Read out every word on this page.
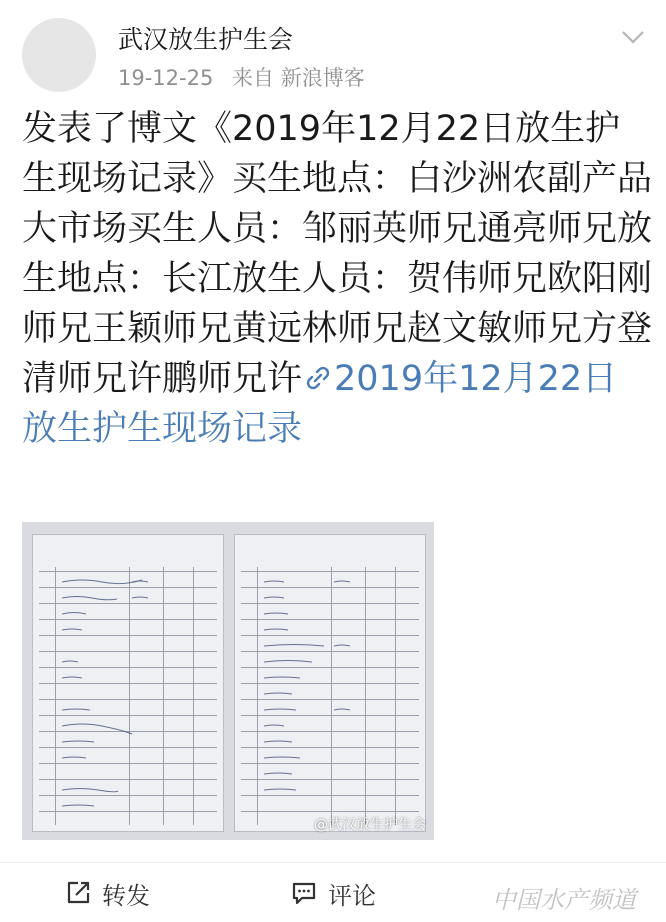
武汉放生护生会
19-12-25 来自 新浪博客
发表了博文《2019年12月22日放生护生现场记录》买生地点：白沙洲农副产品大市场买生人员：邹丽英师兄通亮师兄放生地点：长江放生人员：贺伟师兄欧阳刚师兄王颖师兄黄远林师兄赵文敏师兄方登清师兄许鹏师兄许 2019年12月22日放生护生现场记录
@武汉放生护生会
转发	评论	中国水产频道
